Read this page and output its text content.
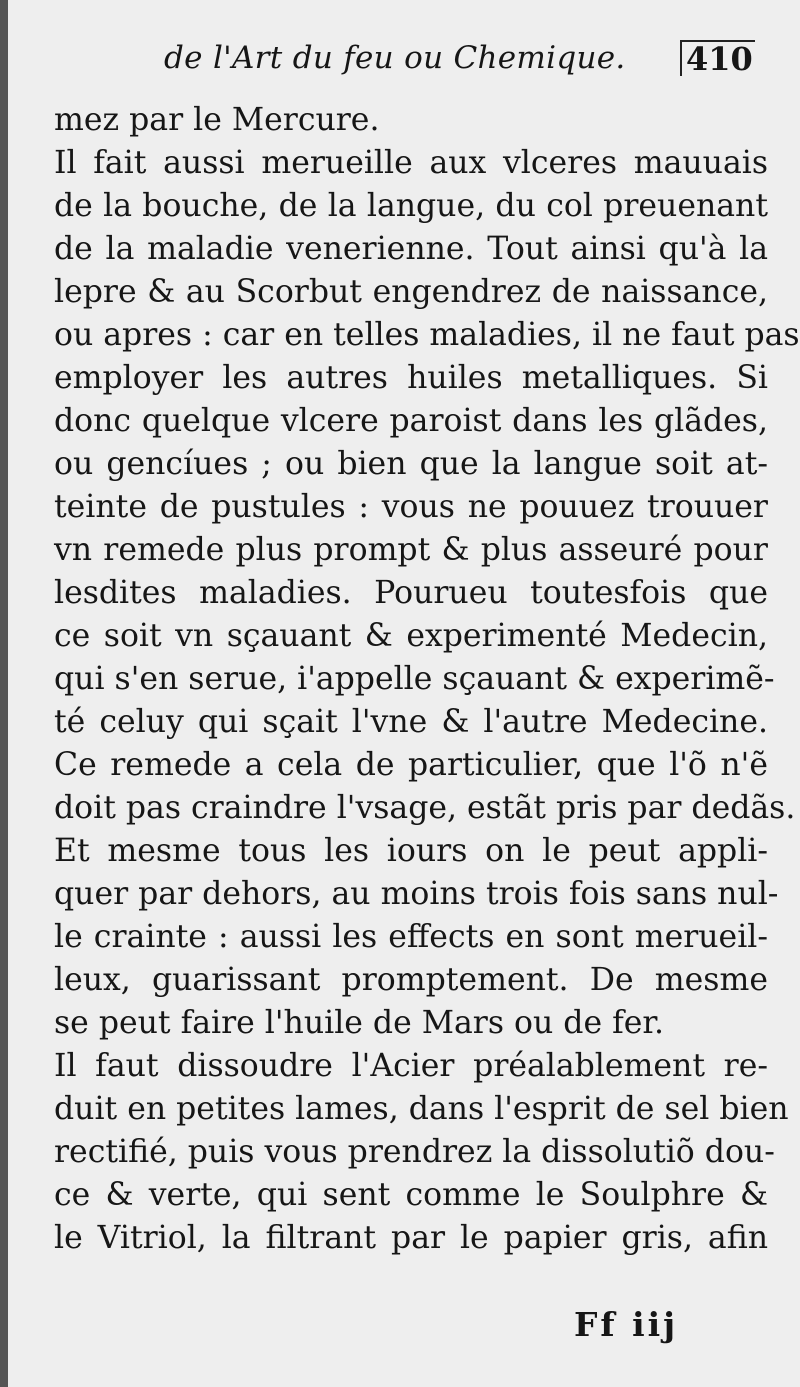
de l'Art du feu ou Chemique. 410
mez par le Mercure.
Il fait aussi merueille aux vlceres mauuais
de la bouche, de la langue, du col preuenant
de la maladie venerienne. Tout ainsi qu'à la
lepre & au Scorbut engendrez de naissance,
ou apres : car en telles maladies, il ne faut pas
employer les autres huiles metalliques. Si
donc quelque vlcere paroist dans les glãdes,
ou gencíues ; ou bien que la langue soit at-
teinte de pustules : vous ne pouuez trouuer
vn remede plus prompt & plus asseuré pour
lesdites maladies. Pourueu toutesfois que
ce soit vn sçauant & experimenté Medecin,
qui s'en serue, i'appelle sçauant & experimẽ-
té celuy qui sçait l'vne & l'autre Medecine.
Ce remede a cela de particulier, que l'õ n'ẽ
doit pas craindre l'vsage, estãt pris par dedãs.
Et mesme tous les iours on le peut appli-
quer par dehors, au moins trois fois sans nul-
le crainte : aussi les effects en sont merueil-
leux, guarissant promptement. De mesme
se peut faire l'huile de Mars ou de fer.
Il faut dissoudre l'Acier préalablement re-
duit en petites lames, dans l'esprit de sel bien
rectifié, puis vous prendrez la dissolutiõ dou-
ce & verte, qui sent comme le Soulphre &
le Vitriol, la filtrant par le papier gris, afin
Ff iij
